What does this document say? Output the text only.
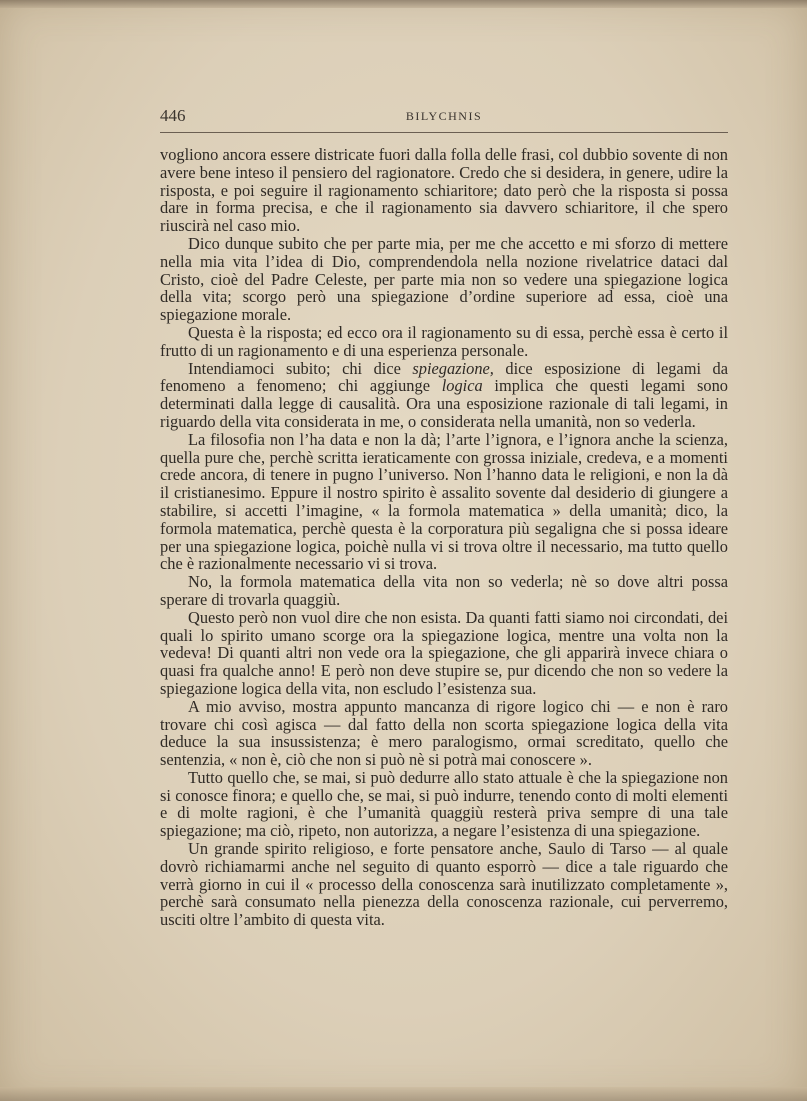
446	BILYCHNIS

vogliono ancora essere districate fuori dalla folla delle frasi, col dubbio sovente di non avere bene inteso il pensiero del ragionatore. Credo che si desidera, in genere, udire la risposta, e poi seguire il ragionamento schiaritore; dato però che la risposta si possa dare in forma precisa, e che il ragionamento sia davvero schiaritore, il che spero riuscirà nel caso mio.

Dico dunque subito che per parte mia, per me che accetto e mi sforzo di mettere nella mia vita l’idea di Dio, comprendendola nella nozione rivelatrice dataci dal Cristo, cioè del Padre Celeste, per parte mia non so vedere una spiegazione logica della vita; scorgo però una spiegazione d’ordine superiore ad essa, cioè una spiegazione morale.

Questa è la risposta; ed ecco ora il ragionamento su di essa, perchè essa è certo il frutto di un ragionamento e di una esperienza personale.

Intendiamoci subito; chi dice spiegazione, dice esposizione di legami da fenomeno a fenomeno; chi aggiunge logica implica che questi legami sono determinati dalla legge di causalità. Ora una esposizione razionale di tali legami, in riguardo della vita considerata in me, o considerata nella umanità, non so vederla.

La filosofia non l’ha data e non la dà; l’arte l’ignora, e l’ignora anche la scienza, quella pure che, perchè scritta ieraticamente con grossa iniziale, credeva, e a momenti crede ancora, di tenere in pugno l’universo. Non l’hanno data le religioni, e non la dà il cristianesimo. Eppure il nostro spirito è assalito sovente dal desiderio di giungere a stabilire, si accetti l’imagine, « la formola matematica » della umanità; dico, la formola matematica, perchè questa è la corporatura più segaligna che si possa ideare per una spiegazione logica, poichè nulla vi si trova oltre il necessario, ma tutto quello che è razionalmente necessario vi si trova.

No, la formola matematica della vita non so vederla; nè so dove altri possa sperare di trovarla quaggiù.

Questo però non vuol dire che non esista. Da quanti fatti siamo noi circondati, dei quali lo spirito umano scorge ora la spiegazione logica, mentre una volta non la vedeva! Di quanti altri non vede ora la spiegazione, che gli apparirà invece chiara o quasi fra qualche anno! E però non deve stupire se, pur dicendo che non so vedere la spiegazione logica della vita, non escludo l’esistenza sua.

A mio avviso, mostra appunto mancanza di rigore logico chi — e non è raro trovare chi così agisca — dal fatto della non scorta spiegazione logica della vita deduce la sua insussistenza; è mero paralogismo, ormai screditato, quello che sentenzia, « non è, ciò che non si può nè si potrà mai conoscere ».

Tutto quello che, se mai, si può dedurre allo stato attuale è che la spiegazione non si conosce finora; e quello che, se mai, si può indurre, tenendo conto di molti elementi e di molte ragioni, è che l’umanità quaggiù resterà priva sempre di una tale spiegazione; ma ciò, ripeto, non autorizza, a negare l’esistenza di una spiegazione.

Un grande spirito religioso, e forte pensatore anche, Saulo di Tarso — al quale dovrò richiamarmi anche nel seguito di quanto esporrò — dice a tale riguardo che verrà giorno in cui il « processo della conoscenza sarà inutilizzato completamente », perchè sarà consumato nella pienezza della conoscenza razionale, cui perverremo, usciti oltre l’ambito di questa vita.
